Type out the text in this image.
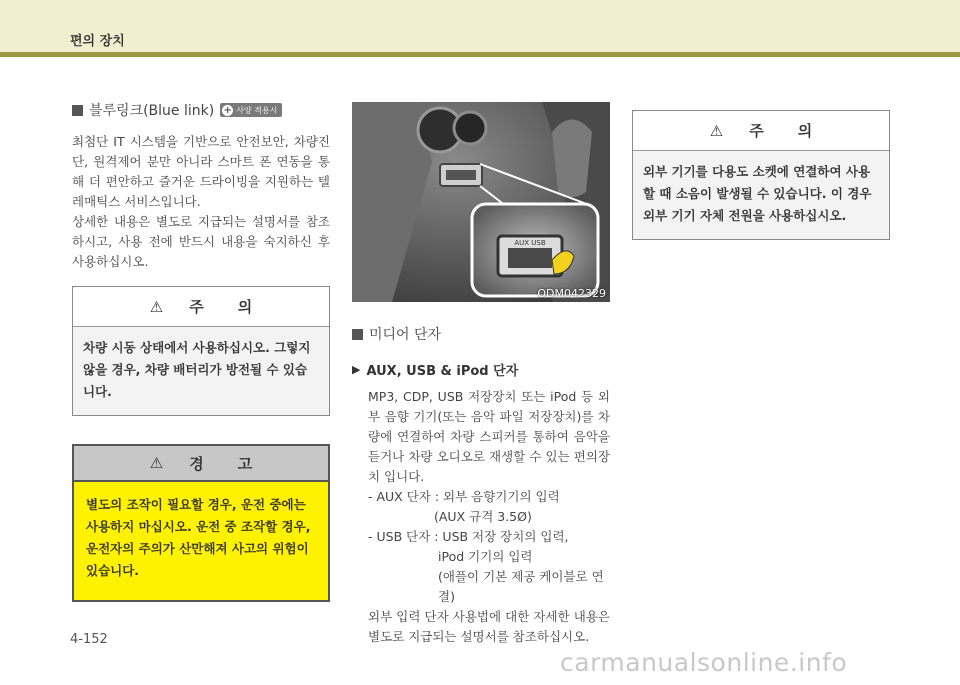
편의 장치
블루링크(Blue link) + 사양 적용시

최첨단 IT 시스템을 기반으로 안전보안, 차량진단, 원격제어 분만 아니라 스마트 폰 연동을 통해 더 편안하고 즐거운 드라이빙을 지원하는 텔레매틱스 서비스입니다.

상세한 내용은 별도로 지급되는 설명서를 참조하시고, 사용 전에 반드시 내용을 숙지하신 후 사용하십시오.

⚠ 주의
차량 시동 상태에서 사용하십시오. 그렇지 않을 경우, 차량 배터리가 방전될 수 있습니다.
⚠ 경고
별도의 조작이 필요할 경우, 운전 중에는 사용하지 마십시오. 운전 중 조작할 경우, 운전자의 주의가 산만해져 사고의 위험이 있습니다.
AUX USB
ODM042329
미디어 단자
▶ AUX, USB & iPod 단자

MP3, CDP, USB 저장장치 또는 iPod 등 외부 음향 기기(또는 음악 파일 저장장치)를 차량에 연결하여 차량 스피커를 통하여 음악을 듣거나 차량 오디오로 재생할 수 있는 편의장치 입니다.

- AUX 단자 : 외부 음향기기의 입력

(AUX 규격 3.5Ø)

- USB 단자 : USB 저장 장치의 입력,

iPod 기기의 입력

(애플이 기본 제공 케이블로 연결)

외부 입력 단자 사용법에 대한 자세한 내용은 별도로 지급되는 설명서를 참조하십시오.

⚠ 주의
외부 기기를 다용도 소켓에 연결하여 사용할 때 소음이 발생될 수 있습니다. 이 경우 외부 기기 자체 전원을 사용하십시오.
4-152
carmanualsonline.info
